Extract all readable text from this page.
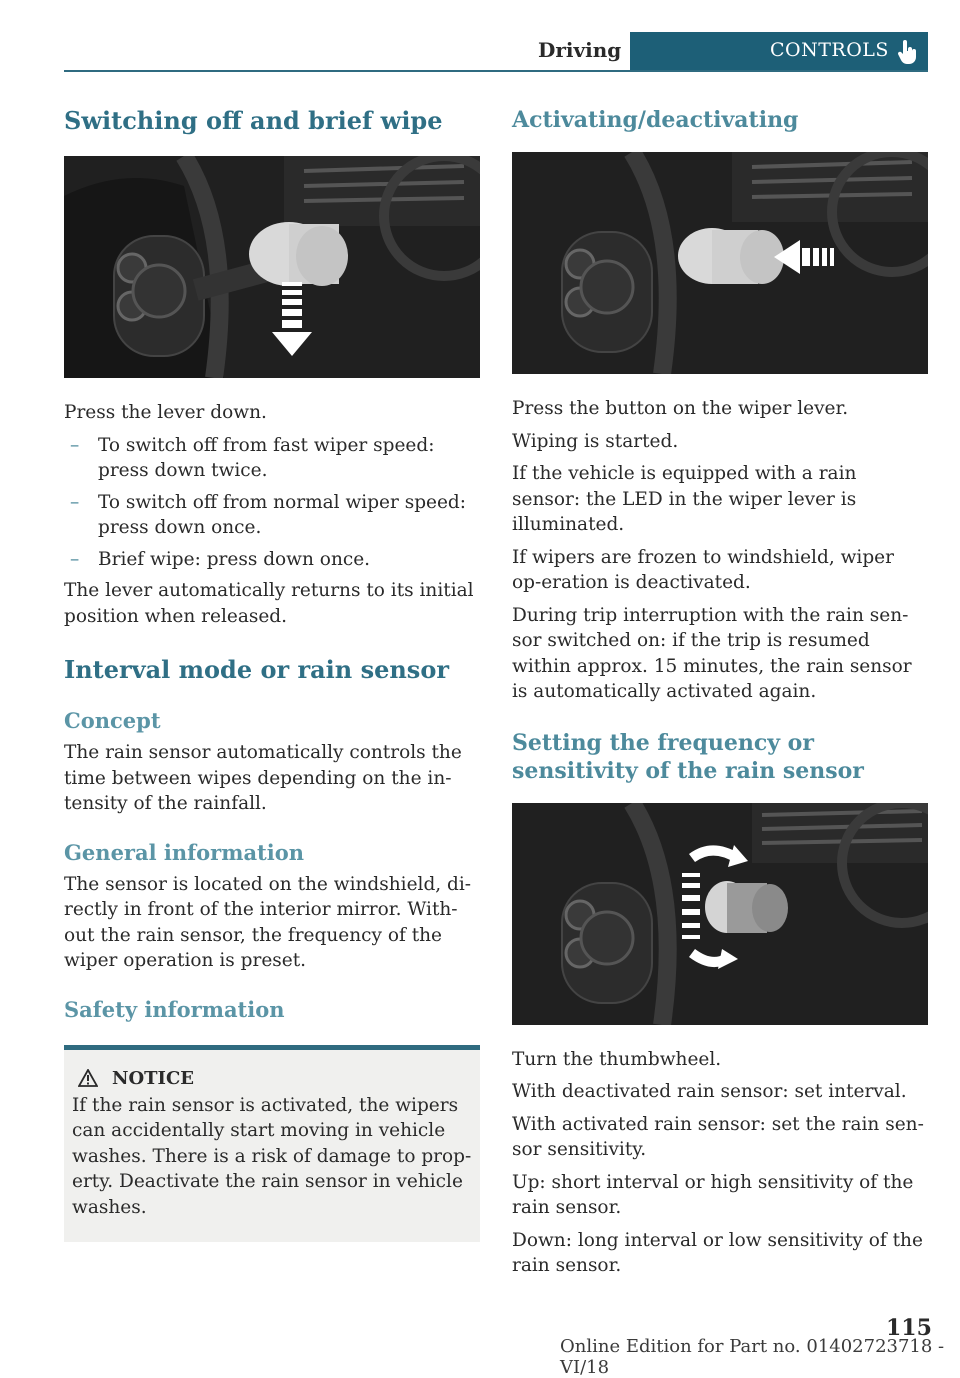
Driving	CONTROLS
Switching off and brief wipe

Press the lever down.

– To switch off from fast wiper speed: press down twice.
– To switch off from normal wiper speed: press down once.
– Brief wipe: press down once.

The lever automatically returns to its initial position when released.

Interval mode or rain sensor
Concept

The rain sensor automatically controls the time between wipes depending on the in-tensity of the rainfall.

General information

The sensor is located on the windshield, di-rectly in front of the interior mirror. With-out the rain sensor, the frequency of the wiper operation is preset.

Safety information
NOTICE

If the rain sensor is activated, the wipers can accidentally start moving in vehicle washes. There is a risk of damage to prop-erty. Deactivate the rain sensor in vehicle washes.

Activating/deactivating

Press the button on the wiper lever.

Wiping is started.

If the vehicle is equipped with a rain sensor: the LED in the wiper lever is illuminated.

If wipers are frozen to windshield, wiper op-eration is deactivated.

During trip interruption with the rain sen-sor switched on: if the trip is resumed within approx. 15 minutes, the rain sensor is automatically activated again.

Setting the frequency or sensitivity of the rain sensor

Turn the thumbwheel.

With deactivated rain sensor: set interval.

With activated rain sensor: set the rain sen-sor sensitivity.

Up: short interval or high sensitivity of the rain sensor.

Down: long interval or low sensitivity of the rain sensor.

115
Online Edition for Part no. 01402723718 - VI/18
